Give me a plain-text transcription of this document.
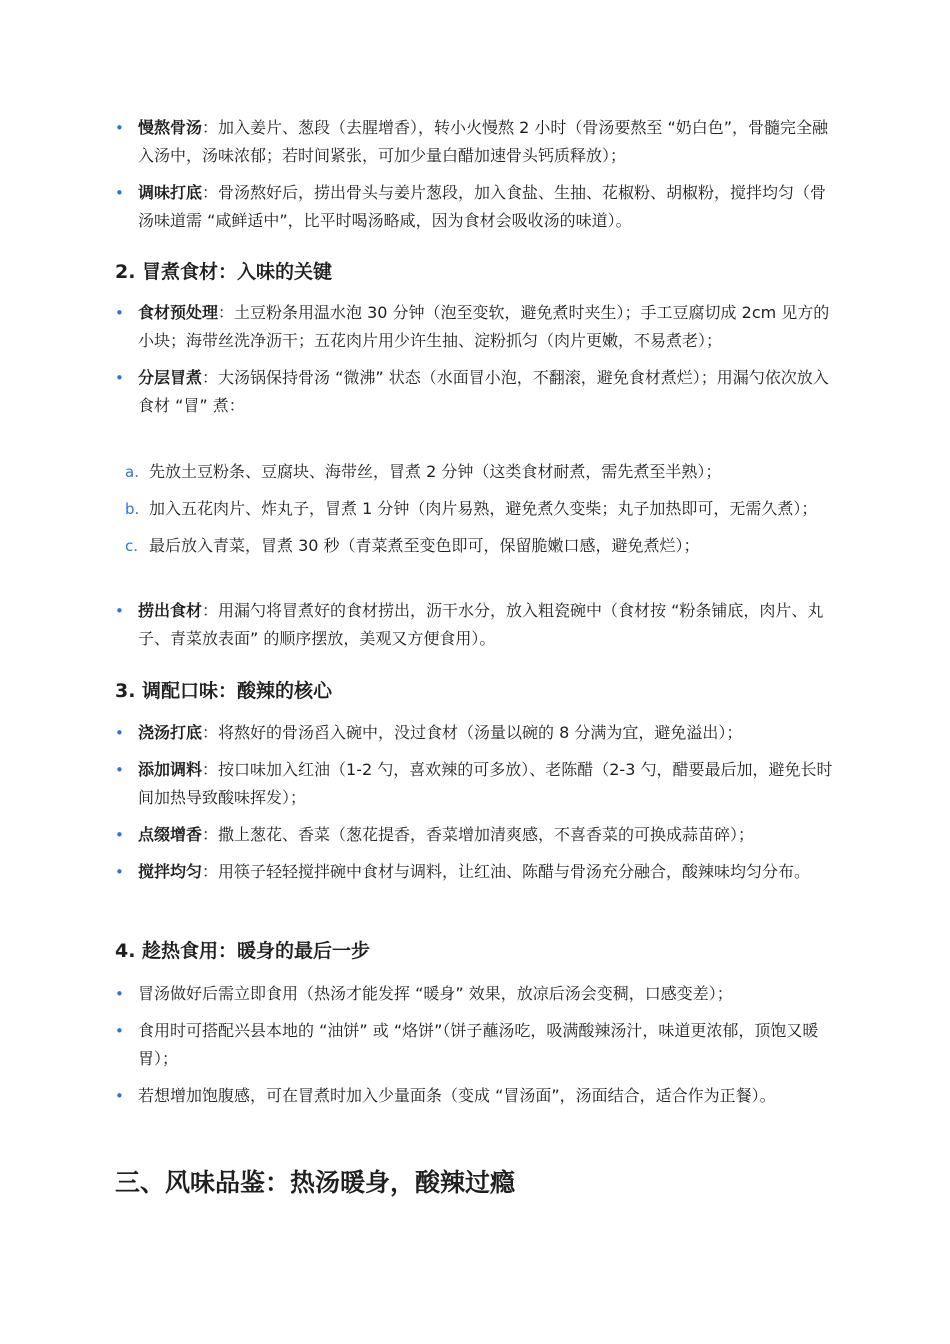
• 慢熬骨汤：加入姜片、葱段（去腥增香），转小火慢熬 2 小时（骨汤要熬至 “奶白色”，骨髓完全融入汤中，汤味浓郁；若时间紧张，可加少量白醋加速骨头钙质释放）；
• 调味打底：骨汤熬好后，捞出骨头与姜片葱段，加入食盐、生抽、花椒粉、胡椒粉，搅拌均匀（骨汤味道需 “咸鲜适中”，比平时喝汤略咸，因为食材会吸收汤的味道）。
2. 冒煮食材：入味的关键
• 食材预处理：土豆粉条用温水泡 30 分钟（泡至变软，避免煮时夹生）；手工豆腐切成 2cm 见方的小块；海带丝洗净沥干；五花肉片用少许生抽、淀粉抓匀（肉片更嫩，不易煮老）；
• 分层冒煮：大汤锅保持骨汤 “微沸” 状态（水面冒小泡，不翻滚，避免食材煮烂）；用漏勺依次放入食材 “冒” 煮：
a. 先放土豆粉条、豆腐块、海带丝，冒煮 2 分钟（这类食材耐煮，需先煮至半熟）；
b. 加入五花肉片、炸丸子，冒煮 1 分钟（肉片易熟，避免煮久变柴；丸子加热即可，无需久煮）；
c. 最后放入青菜，冒煮 30 秒（青菜煮至变色即可，保留脆嫩口感，避免煮烂）；
• 捞出食材：用漏勺将冒煮好的食材捞出，沥干水分，放入粗瓷碗中（食材按 “粉条铺底，肉片、丸子、青菜放表面” 的顺序摆放，美观又方便食用）。
3. 调配口味：酸辣的核心
• 浇汤打底：将熬好的骨汤舀入碗中，没过食材（汤量以碗的 8 分满为宜，避免溢出）；
• 添加调料：按口味加入红油（1-2 勺，喜欢辣的可多放）、老陈醋（2-3 勺，醋要最后加，避免长时间加热导致酸味挥发）；
• 点缀增香：撒上葱花、香菜（葱花提香，香菜增加清爽感，不喜香菜的可换成蒜苗碎）；
• 搅拌均匀：用筷子轻轻搅拌碗中食材与调料，让红油、陈醋与骨汤充分融合，酸辣味均匀分布。
4. 趁热食用：暖身的最后一步
• 冒汤做好后需立即食用（热汤才能发挥 “暖身” 效果，放凉后汤会变稠，口感变差）；
• 食用时可搭配兴县本地的 “油饼” 或 “烙饼”（饼子蘸汤吃，吸满酸辣汤汁，味道更浓郁，顶饱又暖胃）；
• 若想增加饱腹感，可在冒煮时加入少量面条（变成 “冒汤面”，汤面结合，适合作为正餐）。
三、风味品鉴：热汤暖身，酸辣过瘾
